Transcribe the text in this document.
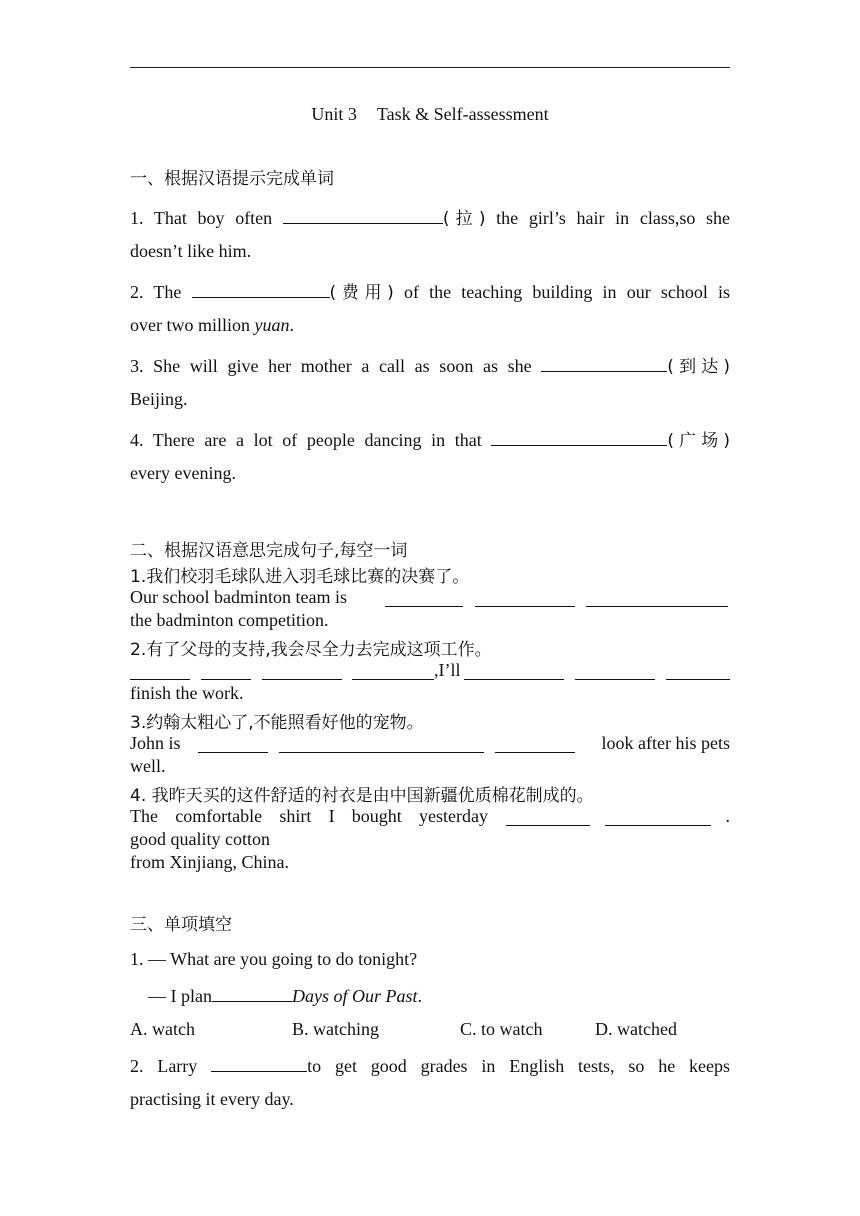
Unit 3 Task & Self-assessment
一、根据汉语提示完成单词
1. That boy often	(拉) the girl’s hair in class,so she
doesn’t like him.
2. The	(费用) of the teaching building in our school is
over two million yuan.
3. She will give her mother a call as soon as she	(到达)
Beijing.
4. There are a lot of people dancing in that	(广场)
every evening.
二、根据汉语意思完成句子,每空一词
1.我们校羽毛球队进入羽毛球比赛的决赛了。
Our school badminton team is
the badminton competition.
2.有了父母的支持,我会尽全力去完成这项工作。
,I’ll
finish the work.
3.约翰太粗心了,不能照看好他的宠物。
John is	look after his pets
well.
4. 我昨天买的这件舒适的衬衣是由中国新疆优质棉花制成的。
The comfortable shirt I bought yesterday	.
good quality cotton
from Xinjiang, China.
三、单项填空
1. — What are you going to do tonight?
— I plan	Days of Our Past.
A. watch	B. watching	C. to watch	D. watched
2. Larry	to get good grades in English tests, so he keeps
practising it every day.
